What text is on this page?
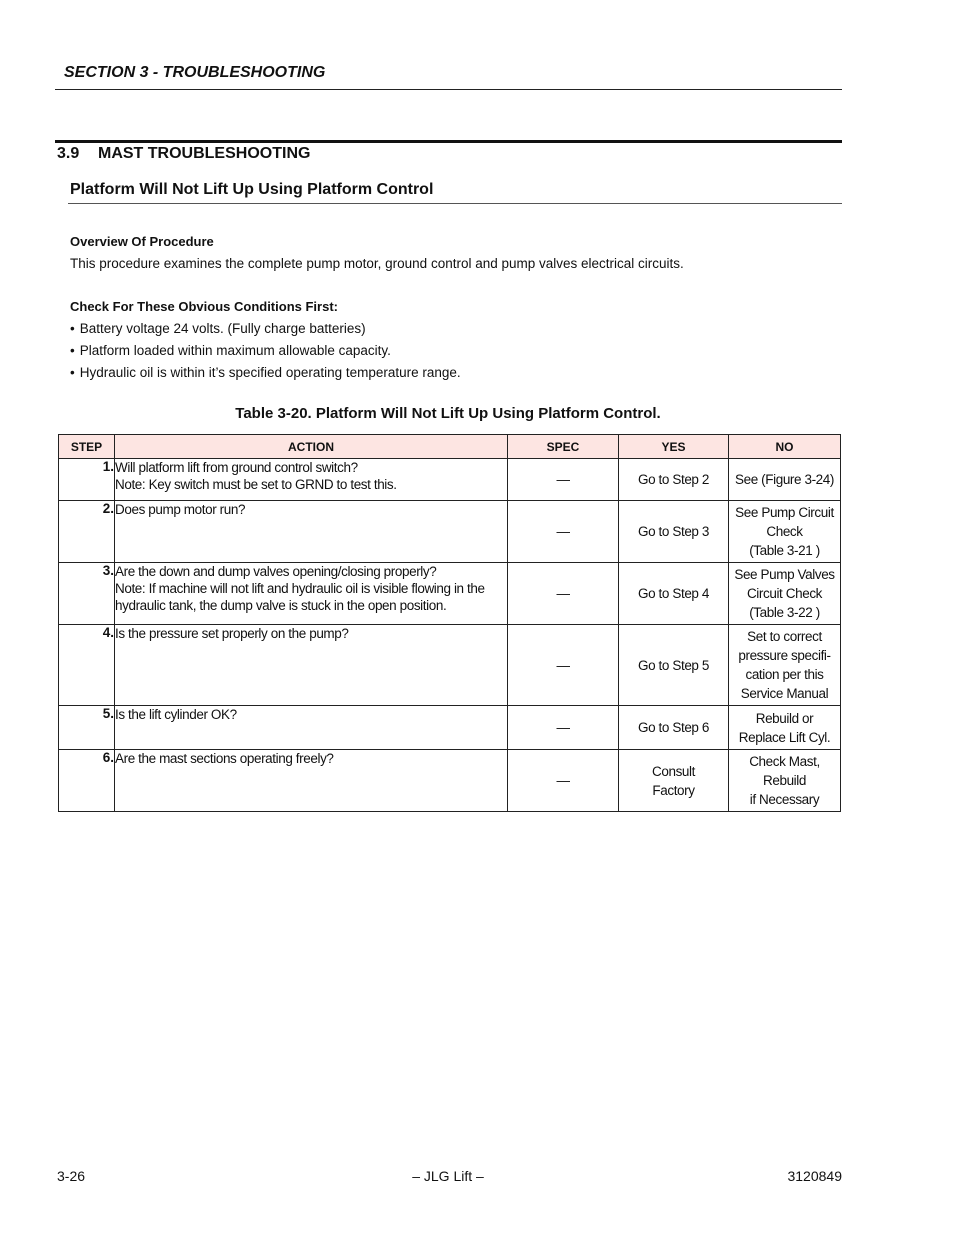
SECTION 3 - TROUBLESHOOTING
3.9 MAST TROUBLESHOOTING
Platform Will Not Lift Up Using Platform Control
Overview Of Procedure
This procedure examines the complete pump motor, ground control and pump valves electrical circuits.
Check For These Obvious Conditions First:
• Battery voltage 24 volts. (Fully charge batteries)
• Platform loaded within maximum allowable capacity.
• Hydraulic oil is within it’s specified operating temperature range.
Table 3-20. Platform Will Not Lift Up Using Platform Control.
STEP	ACTION	SPEC	YES	NO
1.	Will platform lift from ground control switch?
Note: Key switch must be set to GRND to test this.	—	Go to Step 2	See (Figure 3-24)

2.	Does pump motor run?	—	Go to Step 3	See Pump Circuit
Check
(Table 3-21 )

3.	Are the down and dump valves opening/closing properly?
Note: If machine will not lift and hydraulic oil is visible flowing in the
hydraulic tank, the dump valve is stuck in the open position.	—	Go to Step 4	See Pump Valves
Circuit Check
(Table 3-22 )

4.	Is the pressure set properly on the pump?	—	Go to Step 5	Set to correct
pressure specifi-
cation per this
Service Manual

5.	Is the lift cylinder OK?	—	Go to Step 6	Rebuild or
Replace Lift Cyl.

6.	Are the mast sections operating freely?	—	Consult
Factory	Check Mast,
Rebuild
if Necessary
3-26	– JLG Lift –	3120849
